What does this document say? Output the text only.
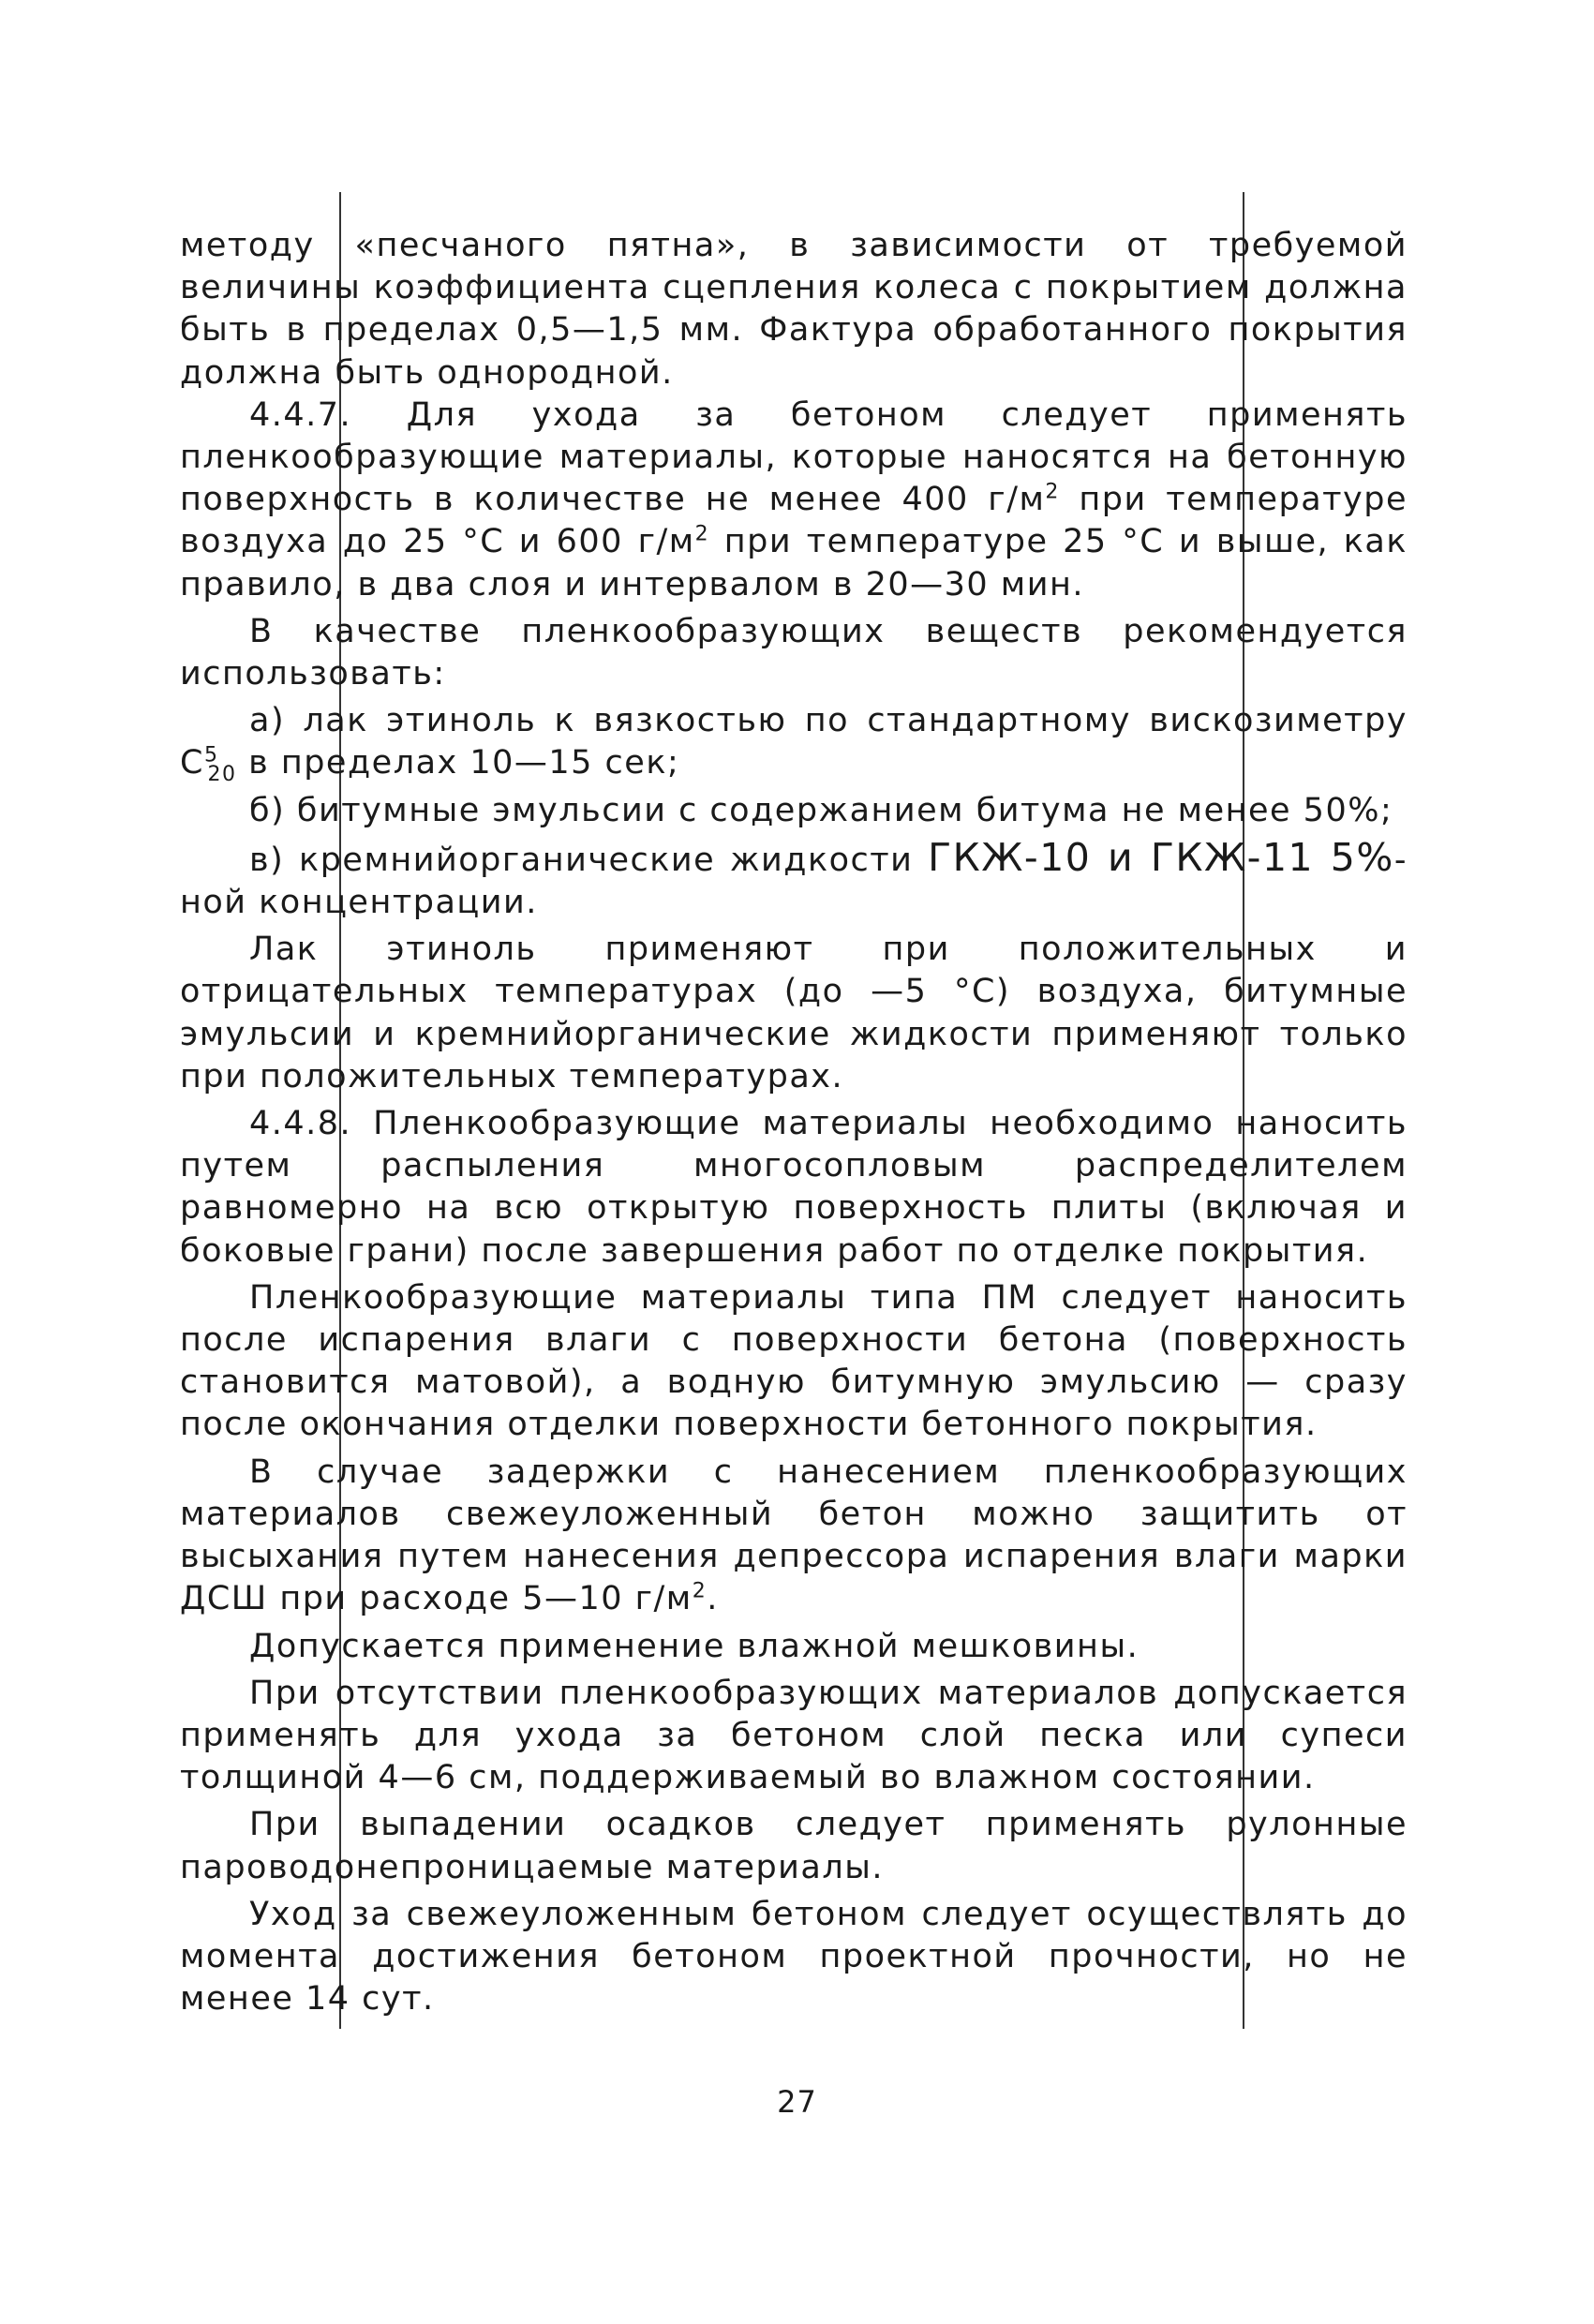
методу «песчаного пятна», в зависимости от требуемой величины коэффициента сцепления колеса с покрытием должна быть в пределах 0,5—1,5 мм. Фактура обработанного покрытия должна быть однородной.

4.4.7. Для ухода за бетоном следует применять пленкообразующие материалы, которые наносятся на бетонную поверхность в количестве не менее 400 $г/м^2$ при температуре воздуха до 25 °С и 600 $г/м^2$ при температуре 25 °С и выше, как правило, в два слоя и интервалом в 20—30 мин.

В качестве пленкообразующих веществ рекомендуется использовать:

а) лак этиноль к вязкостью по стандартному вискозиметру $С^5_{20}$ в пределах 10—15 сек;

б) битумные эмульсии с содержанием битума не менее 50%;

в) кремнийорганические жидкости ГКЖ-10 и ГКЖ-11 5%-ной концентрации.

Лак этиноль применяют при положительных и отрицательных температурах (до —5 °С) воздуха, битумные эмульсии и кремнийорганические жидкости применяют только при положительных температурах.

4.4.8. Пленкообразующие материалы необходимо наносить путем распыления многосопловым распределителем равномерно на всю открытую поверхность плиты (включая и боковые грани) после завершения работ по отделке покрытия.

Пленкообразующие материалы типа ПМ следует наносить после испарения влаги с поверхности бетона (поверхность становится матовой), а водную битумную эмульсию — сразу после окончания отделки поверхности бетонного покрытия.

В случае задержки с нанесением пленкообразующих материалов свежеуложенный бетон можно защитить от высыхания путем нанесения депрессора испарения влаги марки ДСШ при расходе 5—10 $г/м^2$.

Допускается применение влажной мешковины.

При отсутствии пленкообразующих материалов допускается применять для ухода за бетоном слой песка или супеси толщиной 4—6 см, поддерживаемый во влажном состоянии.

При выпадении осадков следует применять рулонные пароводонепроницаемые материалы.

Уход за свежеуложенным бетоном следует осуществлять до момента достижения бетоном проектной прочности, но не менее 14 сут.

27
